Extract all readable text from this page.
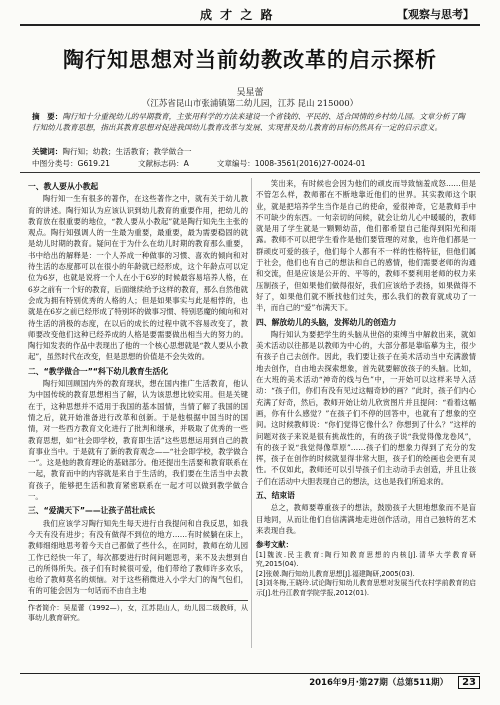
成 才 之 路	【观察与思考】
陶行知思想对当前幼教改革的启示探析
吴星蕾
（江苏省昆山市张浦镇第二幼儿园，江苏 昆山 215000）
摘　要：陶行知十分重视幼儿的早期教育，主张用科学的方法来建设一个省钱的、平民的、适合国情的乡村幼儿园。文章分析了陶行知幼儿教育思想，指出其教育思想对促进我国幼儿教育改革与发展、实现普及幼儿教育的目标仍然具有一定的启示意义。
关键词：陶行知；幼教；生活教育；教学做合一
中图分类号：G619.21	文献标志码：A	文章编号：1008-3561(2016)27-0024-01
一、教人要从小教起

陶行知一生有很多的著作，在这些著作之中，就有关于幼儿教育的讲述。陶行知认为应该认识到幼儿教育的重要作用，把幼儿的教育放在很重要的地位，“教人要从小教起”就是陶行知先生主张的观点。陶行知强调人的一生最为重要，最重要，最为需要稳固的就是幼儿时期的教育。疑问在于为什么在幼儿时期的教育那么重要，书中给出的解释是：一个人养成一种做事的习惯、喜欢的倾向和对待生活的态度都可以在很小的年龄就已经形成，这个年龄点可以定位为6岁，也就是说将一个人在小于6岁的时候最容易培养人格，在6岁之前有一个好的教育，后面继续给予这样的教育，那么自然他就会成为拥有特别优秀的人格的人；但是如果事实与此是相悖的，也就是在6岁之前已经形成了特别坏的做事习惯、特别恶魔的倾向和对待生活的消极的态度，在以后的成长的过程中就不容易改变了，教师要改变他们这种已经养成的人格是要需要做出相当大的努力的。陶行知发表的作品中表现出了他的一个核心思想就是“教人要从小教起”，虽然时代在改变，但是思想的价值是不会失效的。

二、“教学做合一”“科下幼儿教育生活化

陶行知回顾国内外的教育现状，想在国内推广生活教育，他认为中国传统的教育思想相当了解，认为该思想比较实用。但是关键在于，这种思想并不适用于我国的基本国情，当情了解了我国的国情之后，就开始准备进行改革和创新。于是他根据中国当时的国情，对一些西方教育文化进行了批判和继承，并吸取了优秀的一些教育思想，如“社会即学校，教育即生活”这些思想运用到自己的教育事业当中。于是就有了新的教育观念——“社会即学校，教学做合一”。这是他的教育理论的基础部分。他还提出生活要和教育联系在一起，教育而中的内容就是来自于生活的，我们要在生活当中去教育孩子，能够把生活和教育紧密联系在一起才可以做到教学做合一。

三、“爱满天下”——让孩子茁壮成长

我们应该学习陶行知先生每天进行自我提问和自我反思，如我今天有没有进步；有没有做得不到位的地方……有时候躺在床上，教师细细地思考着今天自己都做了些什么，在同时，教师在幼儿园工作已经快一年了，每次都要进行时间问题思考，来不及去想到自己的所得所失。孩子们有时候很可爱，他们带给了教师许多欢乐，也给了教师莫名的烦恼。对于这些稍微进入小学大门的淘气包们，有的可能会因为一句话而不由自主地

作者简介：吴星蕾（1992—），女，江苏昆山人，幼儿园二级教师，从事幼儿教育研究。

笑出来，有时候也会因为他们的顽皮而导致恼羞成怒……但是不管怎么样，教师都在不断地靠近他们的世界。其实教师这个职业，就是把培养学生当作是自己的使命，爱很神奇，它是教师手中不可缺少的东西。一句亲切的问候，就会让幼儿心中暖暖的，教师就是用了学生就是一颗颗幼苗，他们都希望自己能得到阳光和雨露。教师不可以把学生看作是他们要管理的对象，也许他们都是一群顽皮可爱的孩子，他们每个人都有不一样的性格特征，但他们属于社会，他们也有自己的想法和自己的感情，他们需要老师的沟通和交流，但是应该是公开的、平等的，教师不要利用老师的权力来压制孩子，但如果他们做得很好，我们应该给予表扬，如果做得不好了，如果他们就不断找他们过失，那么我们的教育就成功了一半，而自己的“爱”布满天下。

四、解放幼儿的头脑，发挥幼儿的创造力

陶行知认为要把学生的头脑从世俗的束缚当中解救出来，就如美术活动以往都是以教师为中心的，大部分都是靠临摹为主，很少有孩子自己去创作。因此，我们要让孩子在美术活动当中充满激情地去创作，自由地去探索想象，首先就要解放孩子的头脑。比如，在大班的美术活动“神奇的线与色”中，一开始可以这样来导入活动：“孩子们，你们有没有见过这幅奇妙的画？”此时，孩子们内心充满了好奇，然后，教师开始让幼儿欣赏图片并且提问：“看着这幅画，你有什么感觉？”在孩子们不停的回答中，也就有了想象的空间。这时候教师说：“你们觉得它像什么？你想到了什么？”这样的问题对孩子来说是很有挑战性的，有的孩子说“我觉得像龙卷风”，有的孩子说“我觉得像草原”……孩子们的想象力得到了充分的发挥，孩子在创作的时候就显得非常大胆，孩子们的绘画也会更有灵性。不仅如此，教师还可以引导孩子们主动动手去创造，并且让孩子们在活动中大胆表现自己的想法，这也是我们所追求的。

五、结束语

总之，教师要尊重孩子的想法，鼓励孩子大胆地想象而不是盲目地同，从而让他们自信满满地走进创作活动，用自己独特的艺术来表现自我。

参考文献：
[1]魏波.民主教育:陶行知教育思想的内核[J].清华大学教育研究,2015(04).
[2]张兢.陶行知幼儿教育思想[J].福建陶研,2005(03).
[3]刘冬梅,王晓玲.试论陶行知幼儿教育思想对发展当代农村学前教育的启示[J].牡丹江教育学院学报,2012(01).
2016年9月·第27期（总第511期）	23
